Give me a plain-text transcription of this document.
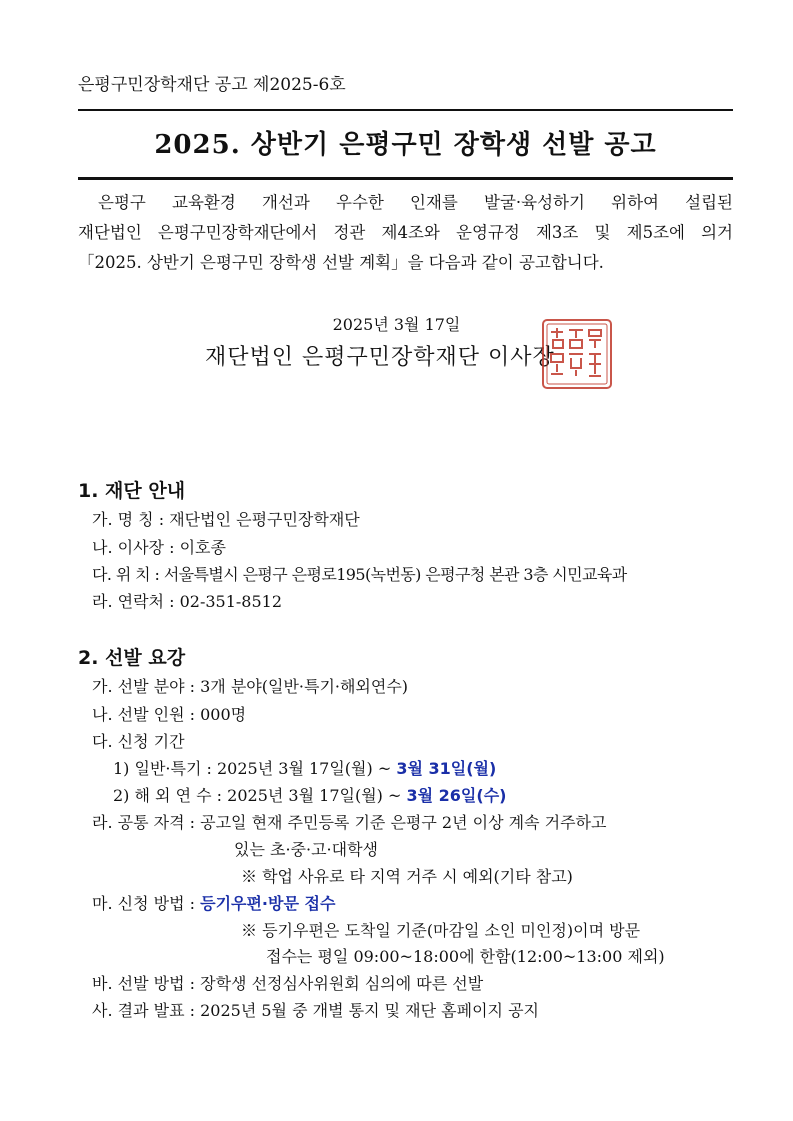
은평구민장학재단 공고 제2025-6호
2025. 상반기 은평구민 장학생 선발 공고

은평구 교육환경 개선과 우수한 인재를 발굴·육성하기 위하여 설립된

재단법인 은평구민장학재단에서 정관 제4조와 운영규정 제3조 및 제5조에 의거

「2025. 상반기 은평구민 장학생 선발 계획」을 다음과 같이 공고합니다.

2025년 3월 17일
재단법인 은평구민장학재단 이사장
1. 재단 안내
가. 명 칭 : 재단법인 은평구민장학재단
나. 이사장 : 이호종
다. 위 치 : 서울특별시 은평구 은평로195(녹번동) 은평구청 본관 3층 시민교육과
라. 연락처 : 02-351-8512
2. 선발 요강
가. 선발 분야 : 3개 분야(일반·특기·해외연수)
나. 선발 인원 : 000명
다. 신청 기간
1) 일반·특기 : 2025년 3월 17일(월) ~ 3월 31일(월)
2) 해 외 연 수 : 2025년 3월 17일(월) ~ 3월 26일(수)
라. 공통 자격 : 공고일 현재 주민등록 기준 은평구 2년 이상 계속 거주하고
있는 초·중·고·대학생
※ 학업 사유로 타 지역 거주 시 예외(기타 참고)
마. 신청 방법 : 등기우편·방문 접수
※ 등기우편은 도착일 기준(마감일 소인 미인정)이며 방문
접수는 평일 09:00~18:00에 한함(12:00~13:00 제외)
바. 선발 방법 : 장학생 선정심사위원회 심의에 따른 선발
사. 결과 발표 : 2025년 5월 중 개별 통지 및 재단 홈페이지 공지
